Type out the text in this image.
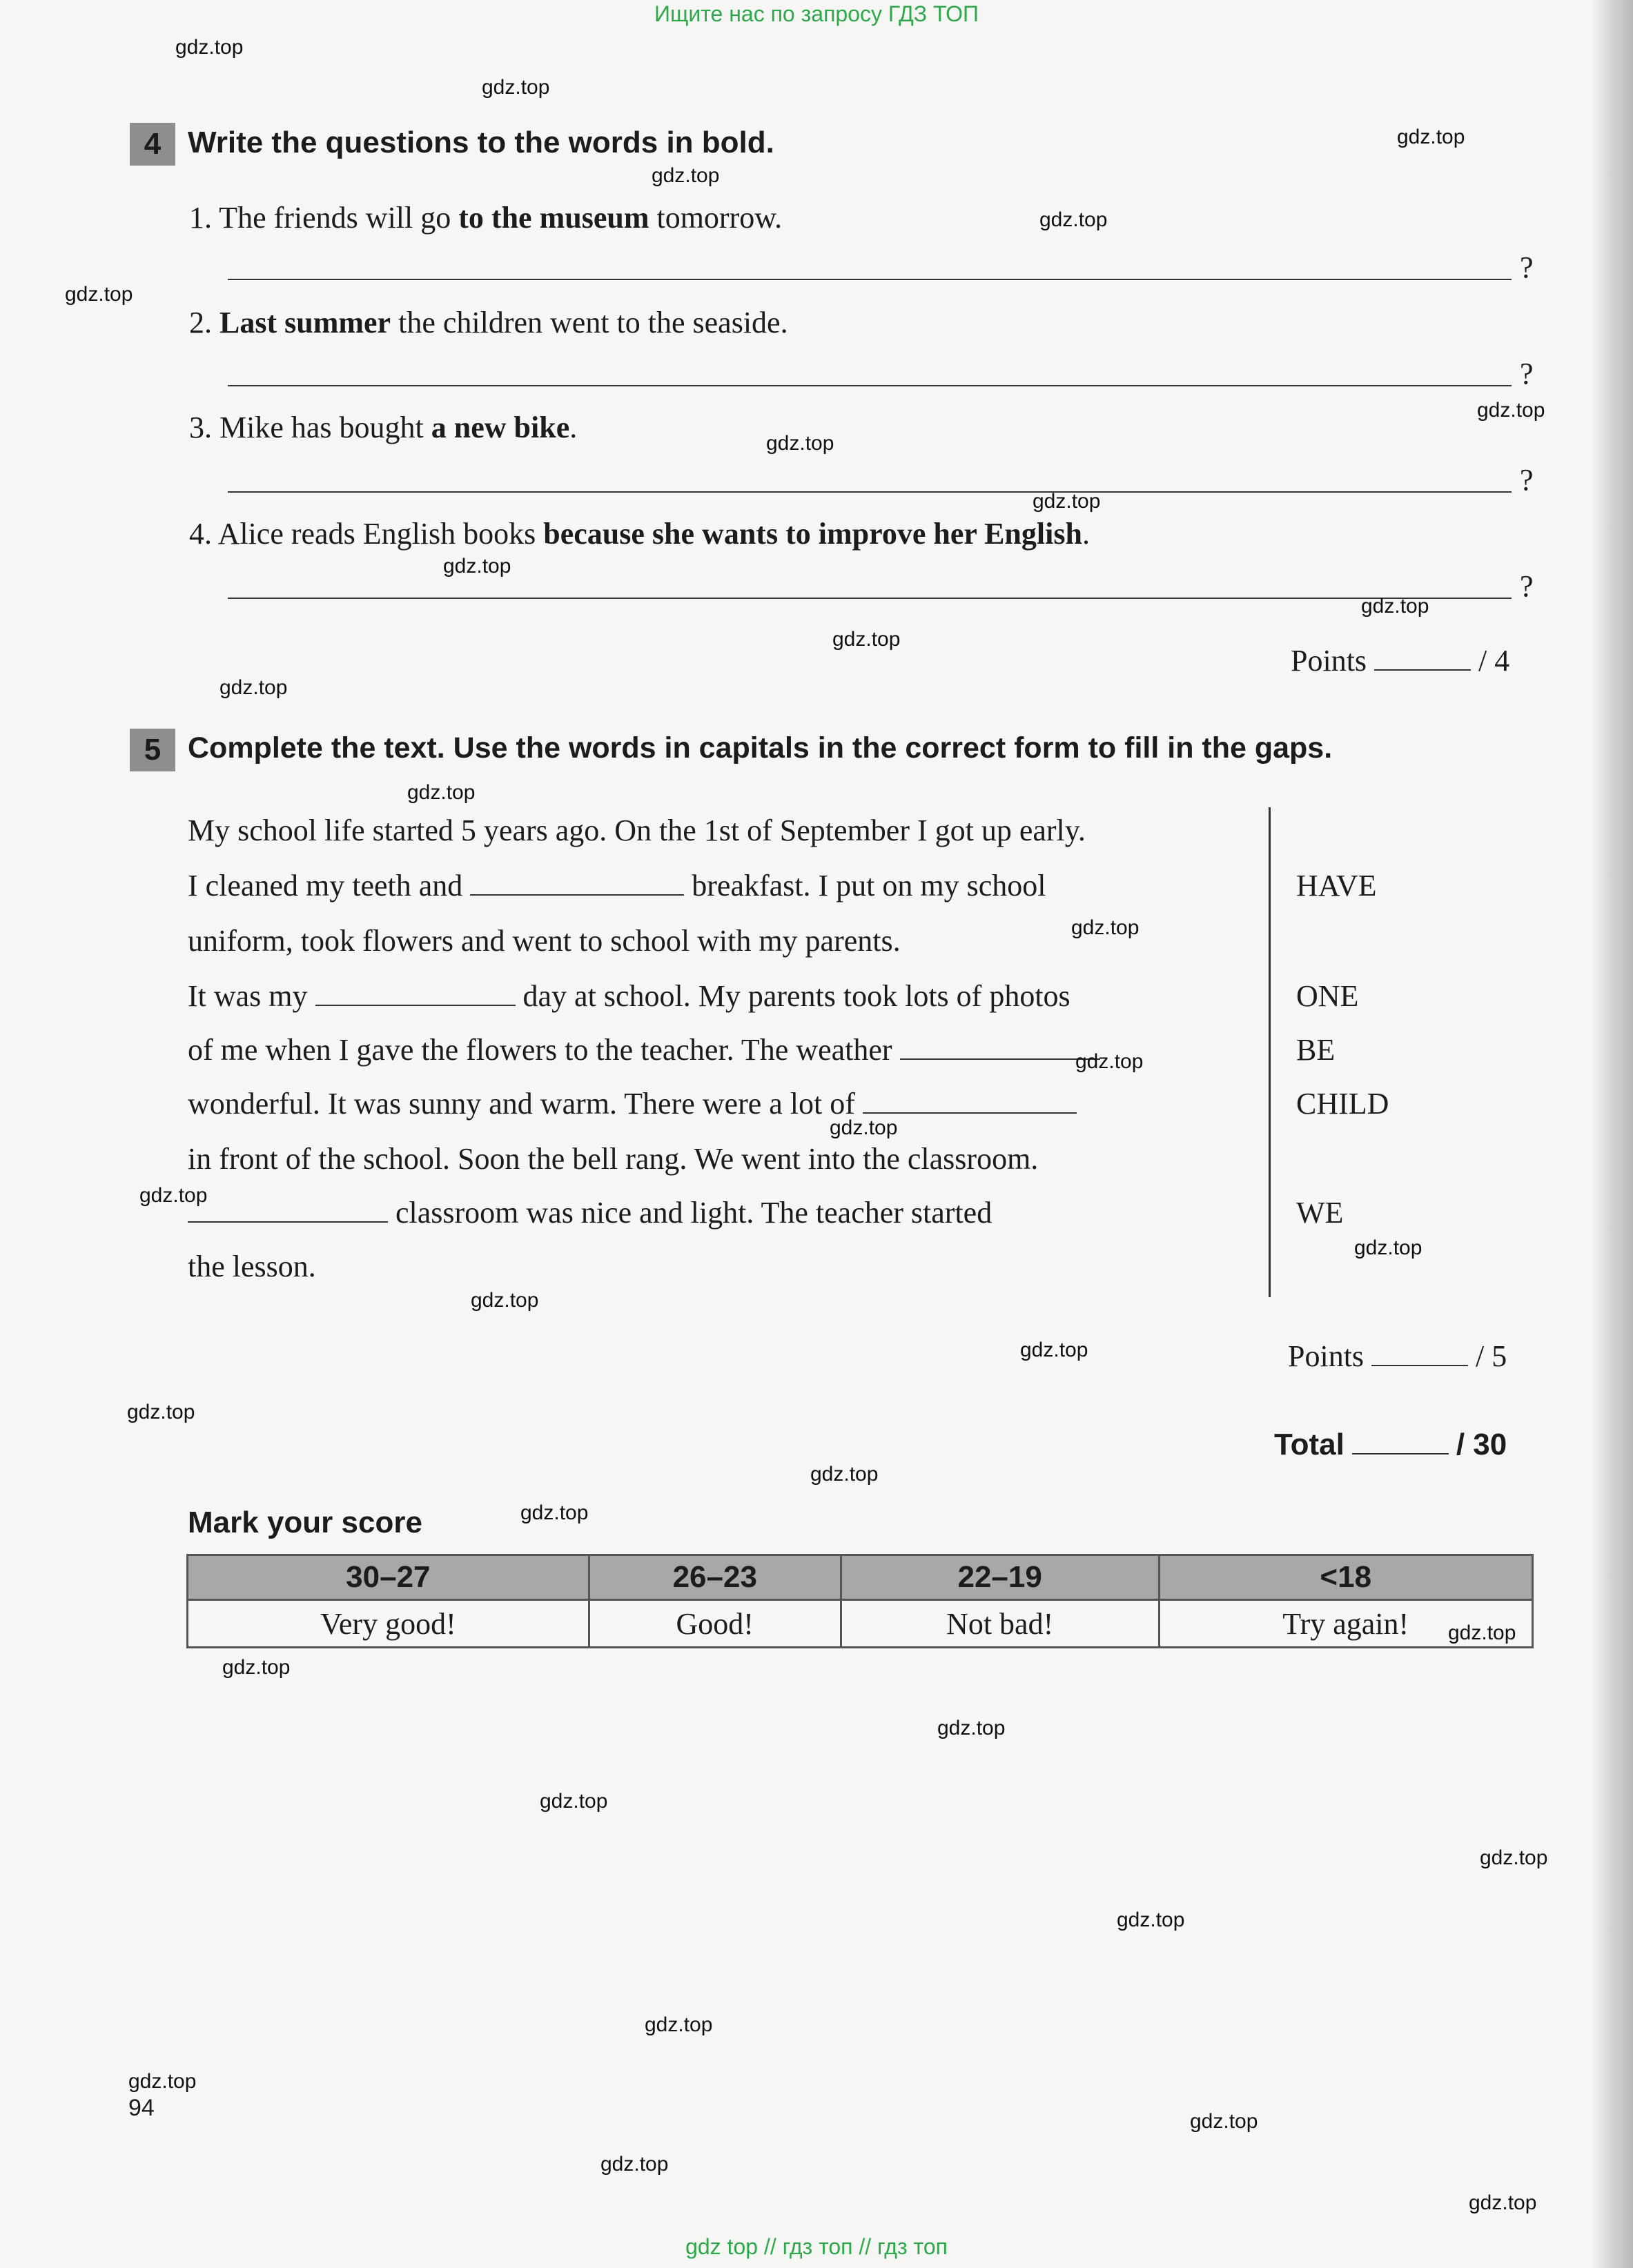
Ищите нас по запросу ГДЗ ТОП
4 Write the questions to the words in bold.
1. The friends will go to the museum tomorrow.
?
2. Last summer the children went to the seaside.
?
3. Mike has bought a new bike.
?
4. Alice reads English books because she wants to improve her English.
?
Points	/ 4
5 Complete the text. Use the words in capitals in the correct form to fill in the gaps.
My school life started 5 years ago. On the 1st of September I got up early.
I cleaned my teeth and	breakfast. I put on my school
uniform, took flowers and went to school with my parents.
It was my	day at school. My parents took lots of photos
of me when I gave the flowers to the teacher. The weather
wonderful. It was sunny and warm. There were a lot of
in front of the school. Soon the bell rang. We went into the classroom.
classroom was nice and light. The teacher started
the lesson.
HAVE
ONE
BE
CHILD
WE
Points	/ 5
Total	/ 30
Mark your score
30–27	26–23	22–19	<18
Very good!	Good!	Not bad!	Try again!
94
gdz.top
gdz.top
gdz.top
gdz.top
gdz.top
gdz.top
gdz.top
gdz.top
gdz.top
gdz.top
gdz.top
gdz.top
gdz.top
gdz.top
gdz.top
gdz.top
gdz.top
gdz.top
gdz.top
gdz.top
gdz.top
gdz.top
gdz.top
gdz.top
gdz.top
gdz.top
gdz.top
gdz.top
gdz.top
gdz.top
gdz.top
gdz.top
gdz.top
gdz.top
gdz.top
gdz top // гдз топ // гдз топ
